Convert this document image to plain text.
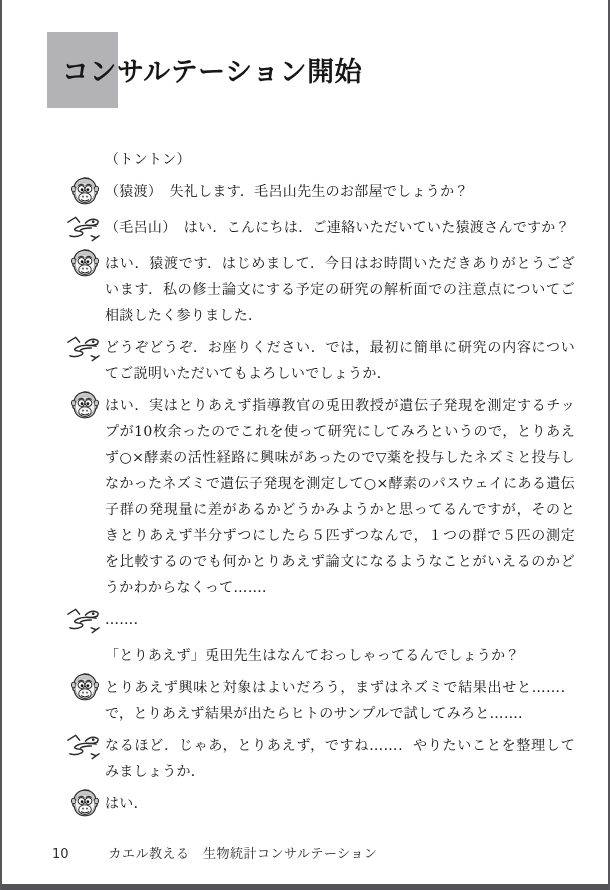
コンサルテーション開始

（トントン）

（猿渡）　失礼します．毛呂山先生のお部屋でしょうか？

（毛呂山）　はい．こんにちは．ご連絡いただいていた猿渡さんですか？

はい．猿渡です．はじめまして．今日はお時間いただきありがとうございます．私の修士論文にする予定の研究の解析面での注意点についてご相談したく参りました．

どうぞどうぞ．お座りください．では，最初に簡単に研究の内容についてご説明いただいてもよろしいでしょうか．

はい．実はとりあえず指導教官の兎田教授が遺伝子発現を測定するチップが10枚余ったのでこれを使って研究にしてみろというので，とりあえず○×酵素の活性経路に興味があったので▽薬を投与したネズミと投与しなかったネズミで遺伝子発現を測定して○×酵素のパスウェイにある遺伝子群の発現量に差があるかどうかみようかと思ってるんですが，そのときとりあえず半分ずつにしたら５匹ずつなんで，１つの群で５匹の測定を比較するのでも何かとりあえず論文になるようなことがいえるのかどうかわからなくって……．

……．

「とりあえず」兎田先生はなんておっしゃってるんでしょうか？

とりあえず興味と対象はよいだろう，まずはネズミで結果出せと……．で，とりあえず結果が出たらヒトのサンプルで試してみろと……．

なるほど．じゃあ，とりあえず，ですね……．やりたいことを整理してみましょうか．

はい．

10	カエル教える　生物統計コンサルテーション
